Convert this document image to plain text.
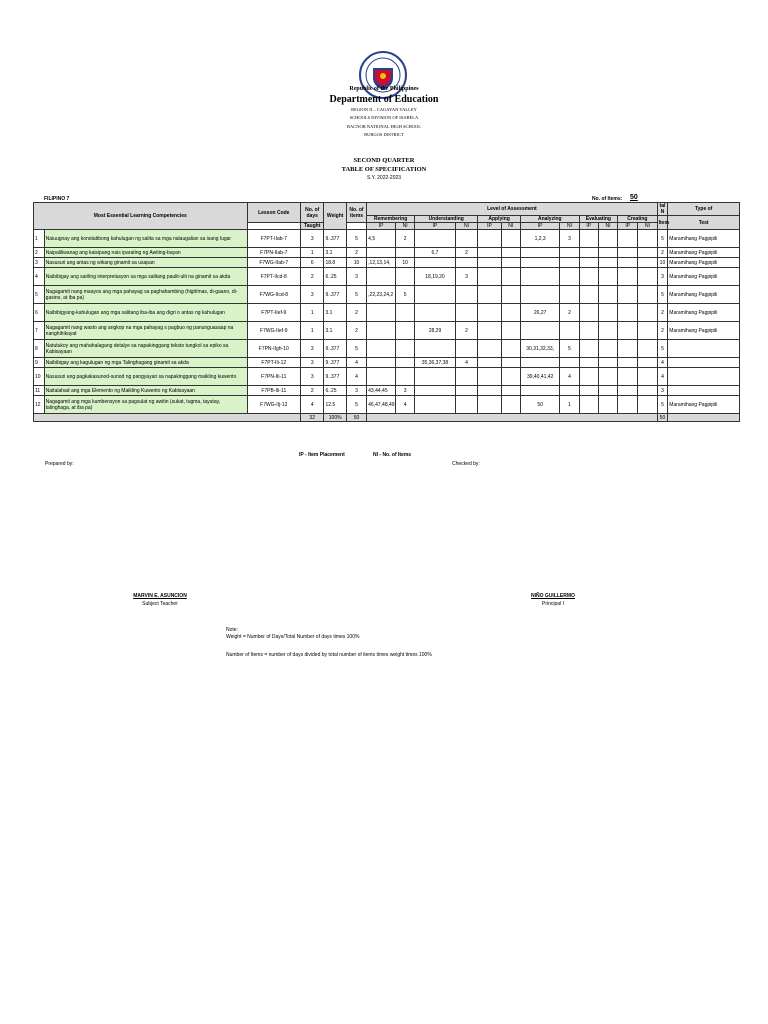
Republic of the Philippines
Department of Education
REGION II – CAGAYAN VALLEY
SCHOOLS DIVISION OF ISABELA
BACNOR NATIONAL HIGH SCHOOL
BURGOS DISTRICT
SECOND QUARTER
TABLE OF SPECIFICATION
S.Y. 2022-2023
FILIPINO 7	No. of Items: 50
Most Essential Learning Competencies		Lesson Code	No. of days	Weight	No. of items	Level of Assessment												tal N	Type of
						Remembering		Understanding		Applying		Analyzing		Evaluating		Creating		Item	Test
			Taught			IP	NI	IP	NI	IP	NI	IP	NI	IP	NI	IP	NI		
1	Naiuugnay ang konotatibong kahulugan ng salita sa mga nalaugalian sa isang lugar	F7PT-IIab-7	3	9..377	5	4,5	2					1,2,3	3					5	Maramihang Pagpipili
2	Naipaliliwanag ang kaisipang nais iparating ng Awiting-bayan	F7PN-IIab-7	1	3.1	2			6,7	2									2	Maramihang Pagpipili
3	Nasusuri ang antas ng wikang ginamit sa usapan	F7WG-IIab-7	6	18.8	10	,12,13,14,	10											10	Maramihang Pagpipili
4	Naibibigay ang sariling interpretasyon sa mga salitang paulit-ulit na ginamit sa akda	F7PT-IIcd-8	2	6..25	3			18,19,20	3									3	Maramihang Pagpipili
5	Nagagamit nang maayos ang mga pahayag sa paghahambing (higit/mas, di-gaano, di-gasino, at iba pa)	F7WG-IIcd-8	3	9..377	5	,22,23,24,2	5											5	Maramihang Pagpipili
6	Naibibigyang-kahulugan ang mga salitang iba-iba ang digri o antas ng kahulugan	F7PT-IIef-9	1	3.1	2							26,27	2					2	Maramihang Pagpipili
7	Nagagamit nang wasto ang angkop na mga pahayag s pagbuo ng panunguasaap na nanghihikayat	F7WG-IIef-9	1	3.1	2			28,29	2									2	Maramihang Pagpipili
8	Natutukoy ang mahahalagang detalye sa napakinggang teksto tungkol sa epiko sa Kabisayaan	F7PN-IIgh-10	3	9..377	5							30,31,32,33,	5					5	
9	Naibibigay ang kagulugan ng mga Talinghagang ginamit sa akda	F7PT-IIi-12	3	9..377	4			35,36,37,38	4									4	
10	Nasusuri ang pagkakasunod-sunod ng pangyayari sa napakinggang maikling kuwento	F7PN-IIi-11	3	9..377	4							39,40,41,42	4					4	
11	Naitalahad ang mga Elemento ng Maikling Kuwento ng Kabisayaan	F7PB-IIi-11	2	6..25	3	43,44,45	3											3	
12	Nagagamit ang mga kumbensyon sa pagsulat ng awitin (sukat, tugma, tayutay, talinghaga, at iba pa)	F7WG-IIj-12	4	12.5	5	46,47,48,49	4					50	1					5	Maramihang Pagpipili
			32	100%	50													50	
IP - Item Placement	NI - No. of Items
Prepared by:	Checked by:
MARVIN E. ASUNCION
Subject Teacher
NIÑO GUILLERMO
Principal I
Note:
Weight = Number of Days/Total Number of days times 100%
Number of Items = number of days divided by total number of items times weight times 100%
